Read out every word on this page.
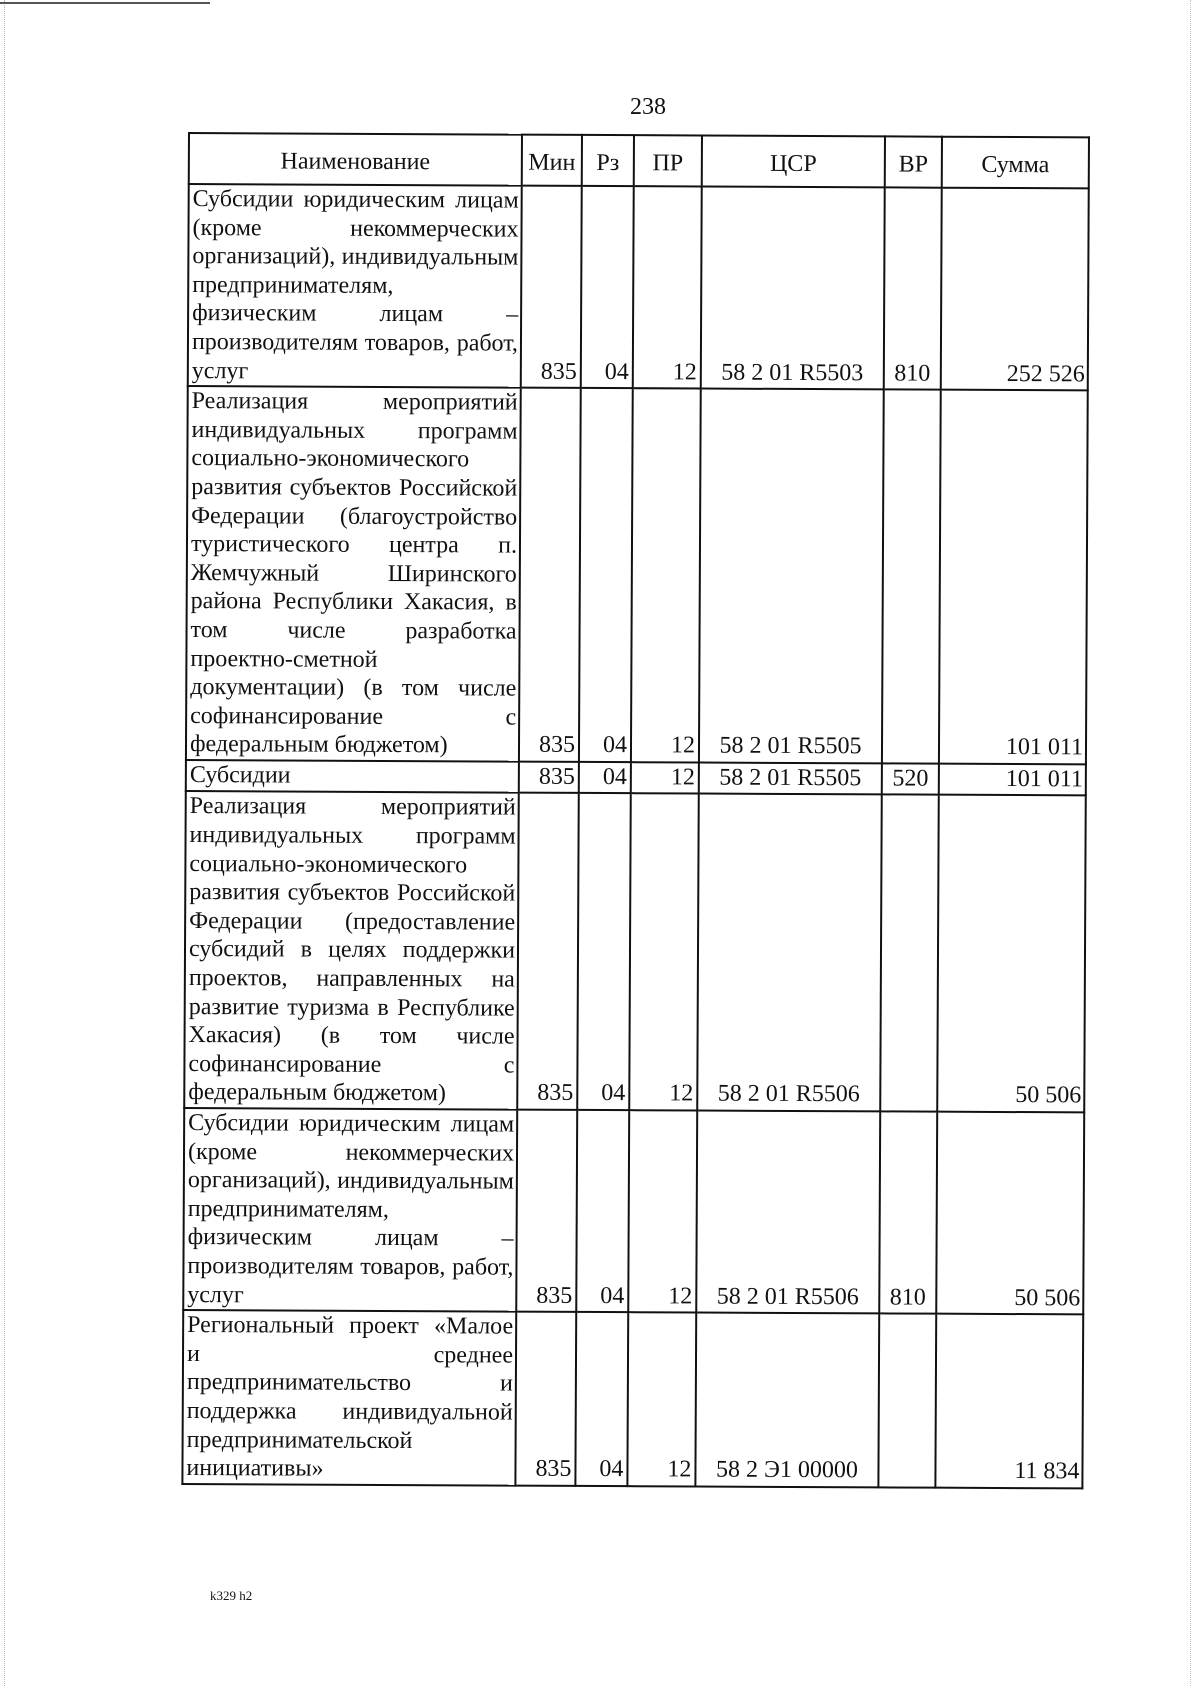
238
Наименование	Мин	Рз	ПР	ЦСР	ВР	Сумма
Субсидии юридическим лицам (кроме некоммерческих организаций), индивидуальным предпринимателям, физическим лицам – производителям товаров, работ, услуг	835	04	12	58 2 01 R5503	810	252 526
Реализация мероприятий индивидуальных программ социально-экономического развития субъектов Российской Федерации (благоустройство туристического центра п. Жемчужный Ширинского района Республики Хакасия, в том числе разработка проектно-сметной документации) (в том числе софинансирование с федеральным бюджетом)	835	04	12	58 2 01 R5505		101 011
Субсидии	835	04	12	58 2 01 R5505	520	101 011
Реализация мероприятий индивидуальных программ социально-экономического развития субъектов Российской Федерации (предоставление субсидий в целях поддержки проектов, направленных на развитие туризма в Республике Хакасия) (в том числе софинансирование с федеральным бюджетом)	835	04	12	58 2 01 R5506		50 506
Субсидии юридическим лицам (кроме некоммерческих организаций), индивидуальным предпринимателям, физическим лицам – производителям товаров, работ, услуг	835	04	12	58 2 01 R5506	810	50 506
Региональный проект «Малое и среднее предпринимательство и поддержка индивидуальной предпринимательской инициативы»	835	04	12	58 2 Э1 00000		11 834
k329 h2
